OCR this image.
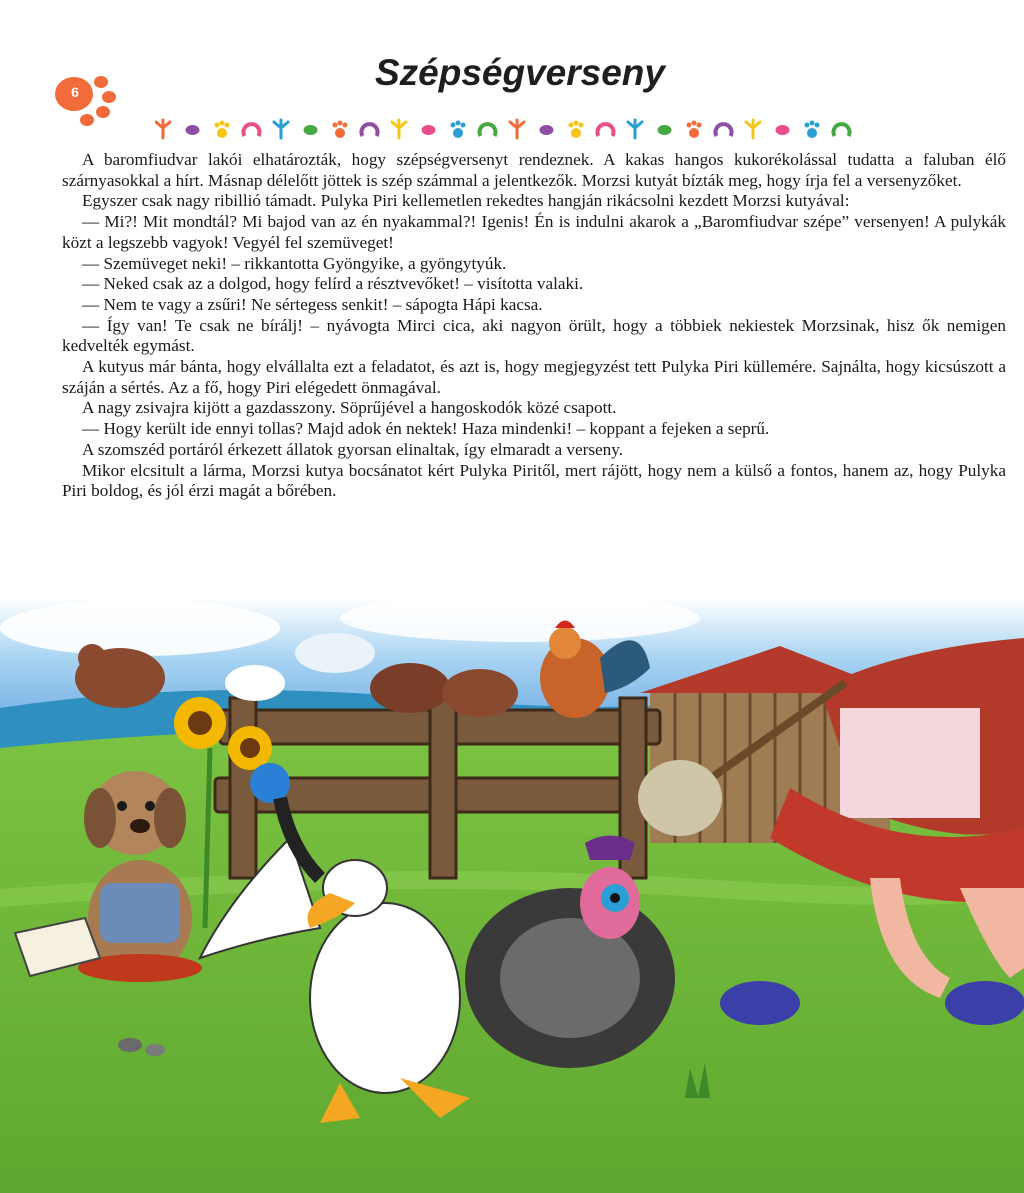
6	Szépségverseny

A baromfiudvar lakói elhatározták, hogy szépségversenyt rendeznek. A kakas hangos kukorékolással tudatta a faluban élő szárnyasokkal a hírt. Másnap délelőtt jöttek is szép számmal a jelentkezők. Morzsi kutyát bízták meg, hogy írja fel a versenyzőket.

Egyszer csak nagy ribillió támadt. Pulyka Piri kellemetlen rekedtes hangján rikácsolni kezdett Morzsi kutyával:

— Mi?! Mit mondtál? Mi bajod van az én nyakammal?! Igenis! Én is indulni akarok a „Baromfiudvar szépe” versenyen! A pulykák közt a legszebb vagyok! Vegyél fel szemüveget!

— Szemüveget neki! – rikkantotta Gyöngyike, a gyöngytyúk.

— Neked csak az a dolgod, hogy felírd a résztvevőket! – visította valaki.

— Nem te vagy a zsűri! Ne sértegess senkit! – sápogta Hápi kacsa.

— Így van! Te csak ne bírálj! – nyávogta Mirci cica, aki nagyon örült, hogy a többiek nekiestek Morzsinak, hisz ők nemigen kedvelték egymást.

A kutyus már bánta, hogy elvállalta ezt a feladatot, és azt is, hogy megjegyzést tett Pulyka Piri küllemére. Sajnálta, hogy kicsúszott a száján a sértés. Az a fő, hogy Piri elégedett önmagával.

A nagy zsivajra kijött a gazdasszony. Söprűjével a hangoskodók közé csapott.

— Hogy került ide ennyi tollas? Majd adok én nektek! Haza mindenki! – koppant a fejeken a seprű.

A szomszéd portáról érkezett állatok gyorsan elinaltak, így elmaradt a verseny.

Mikor elcsitult a lárma, Morzsi kutya bocsánatot kért Pulyka Piritől, mert rájött, hogy nem a külső a fontos, hanem az, hogy Pulyka Piri boldog, és jól érzi magát a bőrében.
